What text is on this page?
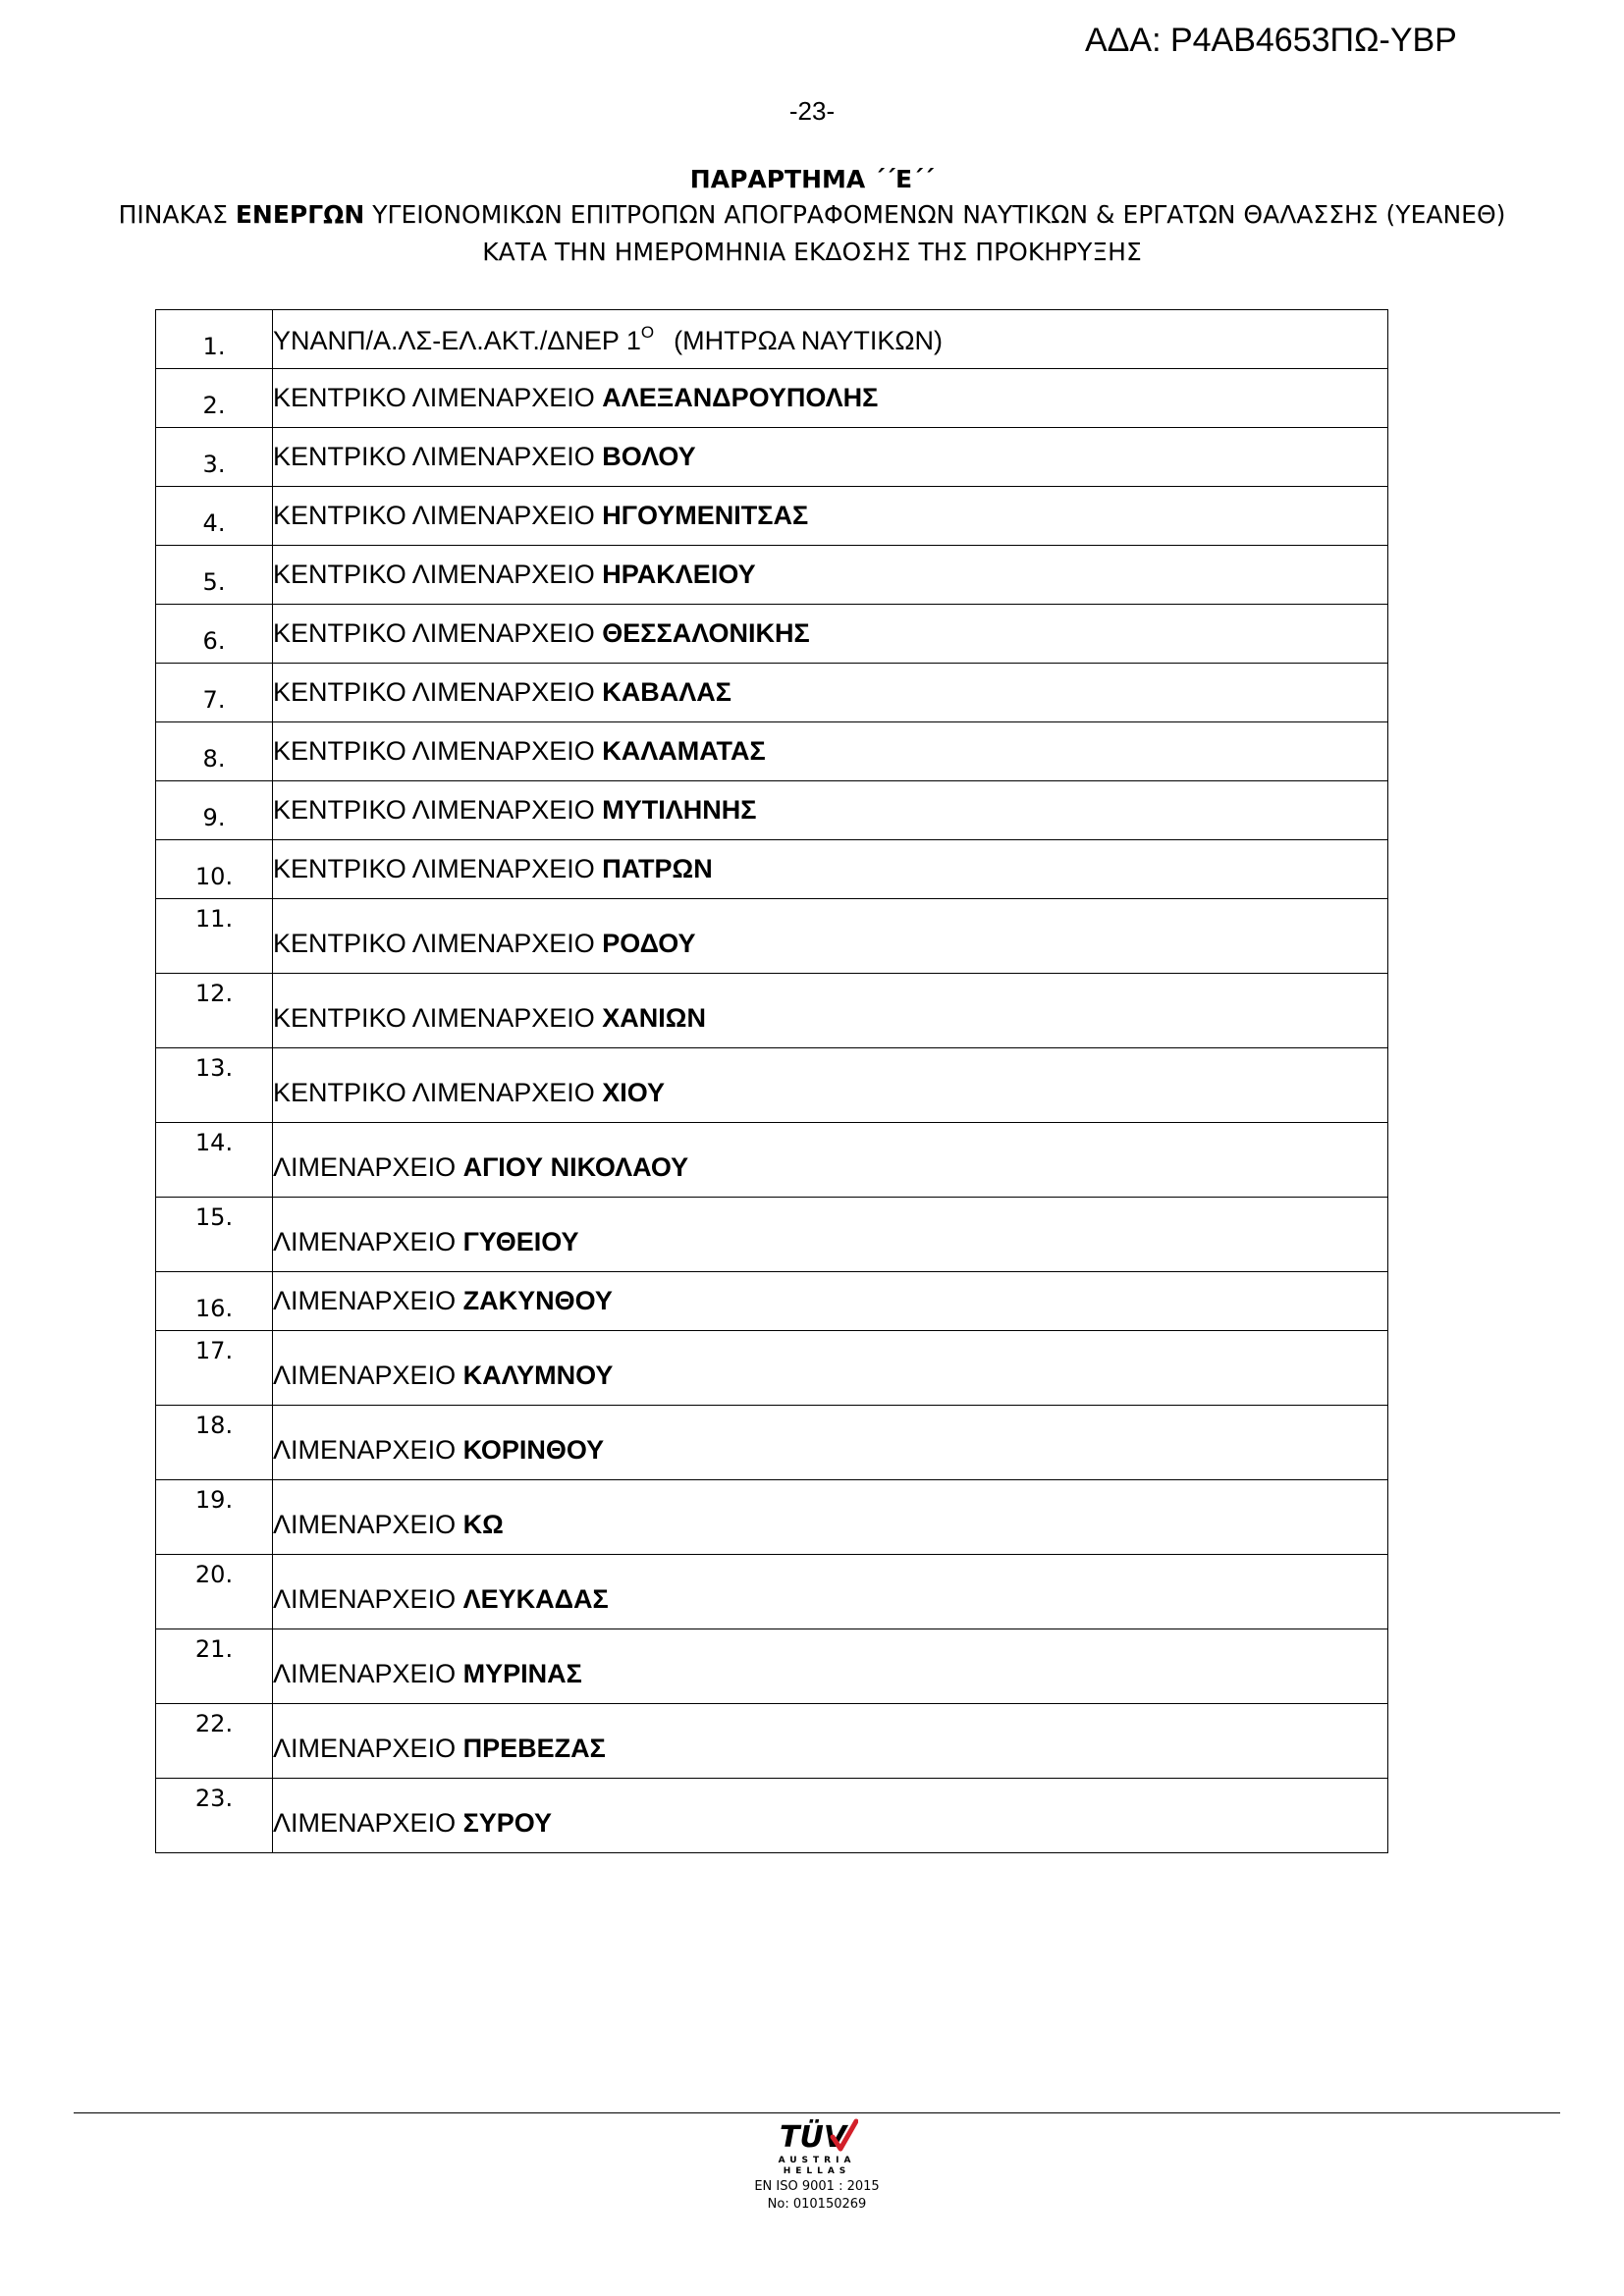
ΑΔΑ: Ρ4ΑΒ4653ΠΩ-ΥΒΡ
-23-
ΠΑΡΑΡΤΗΜΑ ΄΄Ε΄΄
ΠΙΝΑΚΑΣ ΕΝΕΡΓΩΝ ΥΓΕΙΟΝΟΜΙΚΩΝ ΕΠΙΤΡΟΠΩΝ ΑΠΟΓΡΑΦΟΜΕΝΩΝ ΝΑΥΤΙΚΩΝ & ΕΡΓΑΤΩΝ ΘΑΛΑΣΣΗΣ (ΥΕΑΝΕΘ)
ΚΑΤΑ ΤΗΝ ΗΜΕΡΟΜΗΝΙΑ ΕΚΔΟΣΗΣ ΤΗΣ ΠΡΟΚΗΡΥΞΗΣ
1.	ΥΝΑΝΠ/Α.ΛΣ-ΕΛ.ΑΚΤ./ΔΝΕΡ $1^O$ (ΜΗΤΡΩΑ ΝΑΥΤΙΚΩΝ)
2.	ΚΕΝΤΡΙΚΟ ΛΙΜΕΝΑΡΧΕΙΟ ΑΛΕΞΑΝΔΡΟΥΠΟΛΗΣ
3.	ΚΕΝΤΡΙΚΟ ΛΙΜΕΝΑΡΧΕΙΟ ΒΟΛΟΥ
4.	ΚΕΝΤΡΙΚΟ ΛΙΜΕΝΑΡΧΕΙΟ ΗΓΟΥΜΕΝΙΤΣΑΣ
5.	ΚΕΝΤΡΙΚΟ ΛΙΜΕΝΑΡΧΕΙΟ ΗΡΑΚΛΕΙΟΥ
6.	ΚΕΝΤΡΙΚΟ ΛΙΜΕΝΑΡΧΕΙΟ ΘΕΣΣΑΛΟΝΙΚΗΣ
7.	ΚΕΝΤΡΙΚΟ ΛΙΜΕΝΑΡΧΕΙΟ ΚΑΒΑΛΑΣ
8.	ΚΕΝΤΡΙΚΟ ΛΙΜΕΝΑΡΧΕΙΟ ΚΑΛΑΜΑΤΑΣ
9.	ΚΕΝΤΡΙΚΟ ΛΙΜΕΝΑΡΧΕΙΟ ΜΥΤΙΛΗΝΗΣ
10.	ΚΕΝΤΡΙΚΟ ΛΙΜΕΝΑΡΧΕΙΟ ΠΑΤΡΩΝ
11.	ΚΕΝΤΡΙΚΟ ΛΙΜΕΝΑΡΧΕΙΟ ΡΟΔΟΥ
12.	ΚΕΝΤΡΙΚΟ ΛΙΜΕΝΑΡΧΕΙΟ ΧΑΝΙΩΝ
13.	ΚΕΝΤΡΙΚΟ ΛΙΜΕΝΑΡΧΕΙΟ ΧΙΟΥ
14.	ΛΙΜΕΝΑΡΧΕΙΟ ΑΓΙΟΥ ΝΙΚΟΛΑΟΥ
15.	ΛΙΜΕΝΑΡΧΕΙΟ ΓΥΘΕΙΟΥ
16.	ΛΙΜΕΝΑΡΧΕΙΟ ΖΑΚΥΝΘΟΥ
17.	ΛΙΜΕΝΑΡΧΕΙΟ ΚΑΛΥΜΝΟΥ
18.	ΛΙΜΕΝΑΡΧΕΙΟ ΚΟΡΙΝΘΟΥ
19.	ΛΙΜΕΝΑΡΧΕΙΟ ΚΩ
20.	ΛΙΜΕΝΑΡΧΕΙΟ ΛΕΥΚΑΔΑΣ
21.	ΛΙΜΕΝΑΡΧΕΙΟ ΜΥΡΙΝΑΣ
22.	ΛΙΜΕΝΑΡΧΕΙΟ ΠΡΕΒΕΖΑΣ
23.	ΛΙΜΕΝΑΡΧΕΙΟ ΣΥΡΟΥ
TÜV
AUSTRIA
HELLAS
EN ISO 9001 : 2015
No: 010150269
